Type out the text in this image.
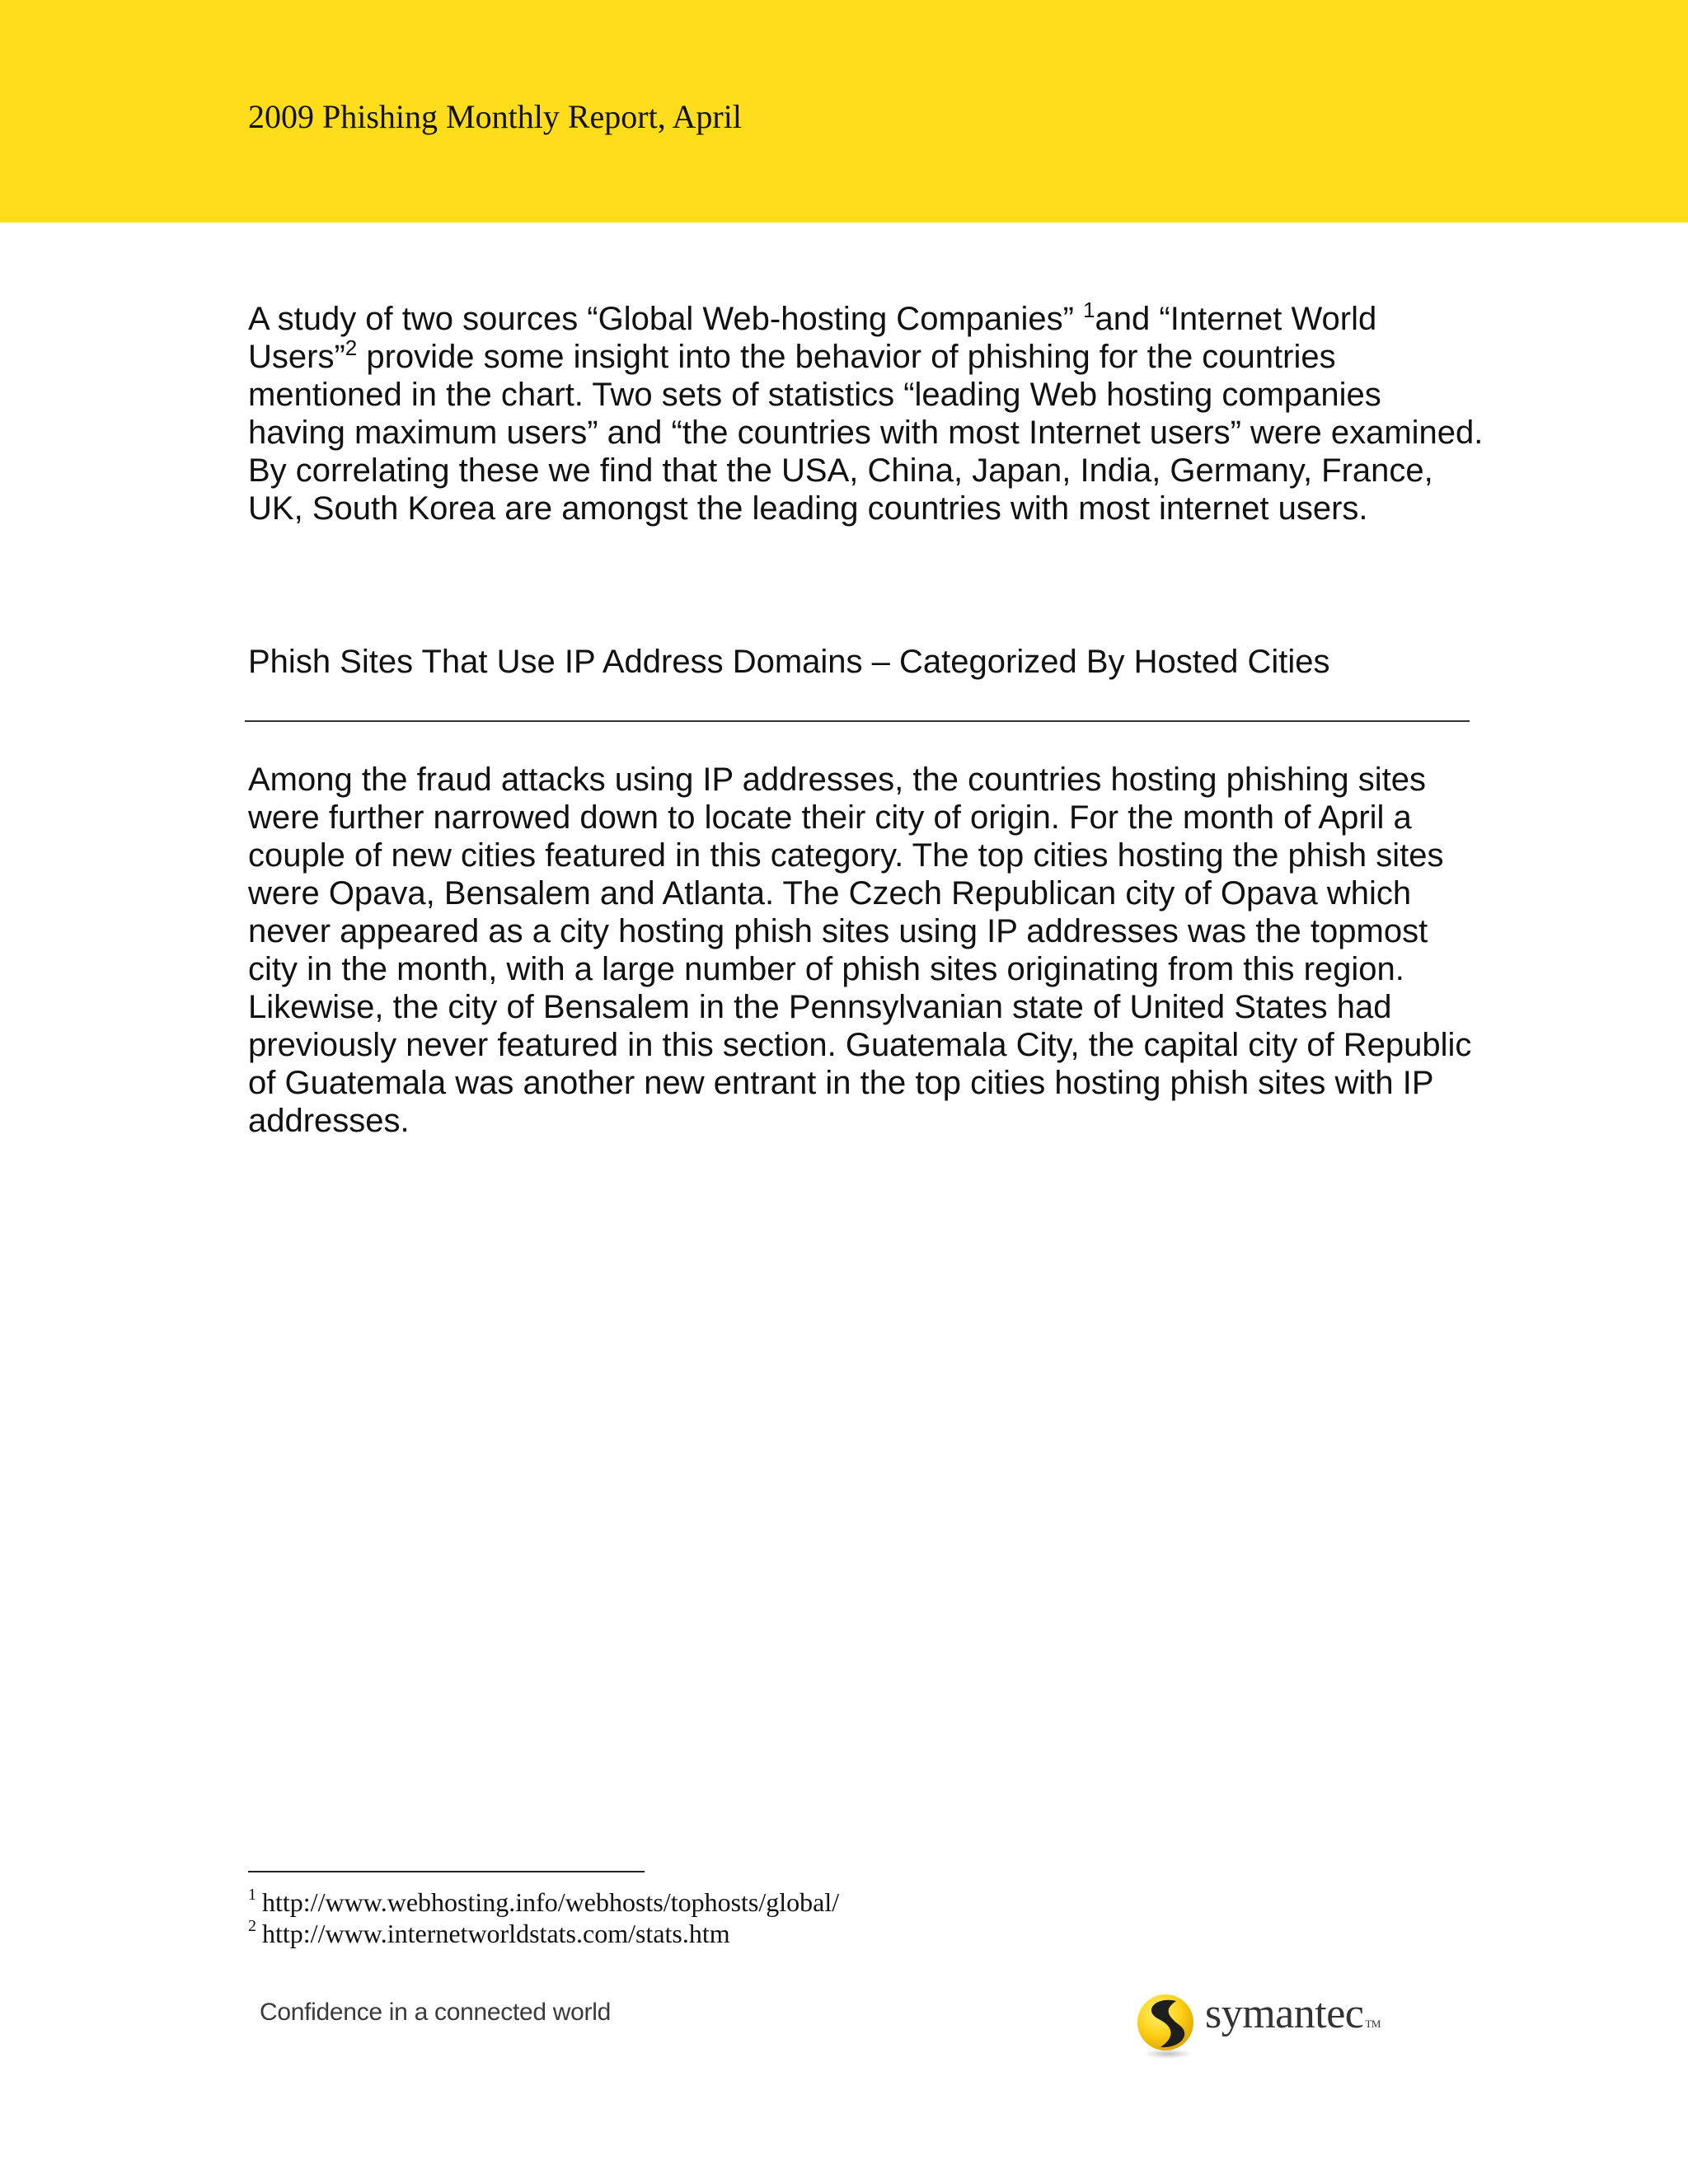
2009 Phishing Monthly Report, April

A study of two sources “Global Web-hosting Companies” $^1$and “Internet World Users”$^2$ provide some insight into the behavior of phishing for the countries mentioned in the chart. Two sets of statistics “leading Web hosting companies having maximum users” and “the countries with most Internet users” were examined. By correlating these we find that the USA, China, Japan, India, Germany, France, UK, South Korea are amongst the leading countries with most internet users.

Phish Sites That Use IP Address Domains – Categorized By Hosted Cities

Among the fraud attacks using IP addresses, the countries hosting phishing sites were further narrowed down to locate their city of origin. For the month of April a couple of new cities featured in this category. The top cities hosting the phish sites were Opava, Bensalem and Atlanta. The Czech Republican city of Opava which never appeared as a city hosting phish sites using IP addresses was the topmost city in the month, with a large number of phish sites originating from this region. Likewise, the city of Bensalem in the Pennsylvanian state of United States had previously never featured in this section. Guatemala City, the capital city of Republic of Guatemala was another new entrant in the top cities hosting phish sites with IP addresses.

$^1$ http://www.webhosting.info/webhosts/tophosts/global/
$^2$ http://www.internetworldstats.com/stats.htm
Confidence in a connected world	symantec TM
